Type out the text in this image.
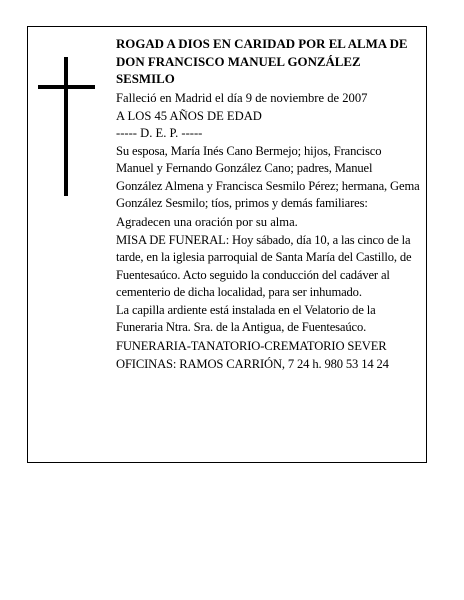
ROGAD A DIOS EN CARIDAD POR EL ALMA DE

DON FRANCISCO MANUEL GONZÁLEZ SESMILO

Falleció en Madrid el día 9 de noviembre de 2007

A LOS 45 AÑOS DE EDAD

----- D. E. P. -----

Su esposa, María Inés Cano Bermejo; hijos, Francisco Manuel y Fernando González Cano; padres, Manuel González Almena y Francisca Sesmilo Pérez; hermana, Gema González Sesmilo; tíos, primos y demás familiares:

Agradecen una oración por su alma.

MISA DE FUNERAL: Hoy sábado, día 10, a las cinco de la tarde, en la iglesia parroquial de Santa María del Castillo, de Fuentesaúco. Acto seguido la conducción del cadáver al cementerio de dicha localidad, para ser inhumado.

La capilla ardiente está instalada en el Velatorio de la Funeraria Ntra. Sra. de la Antigua, de Fuentesaúco.

FUNERARIA-TANATORIO-CREMATORIO SEVER

OFICINAS: RAMOS CARRIÓN, 7 24 h. 980 53 14 24
